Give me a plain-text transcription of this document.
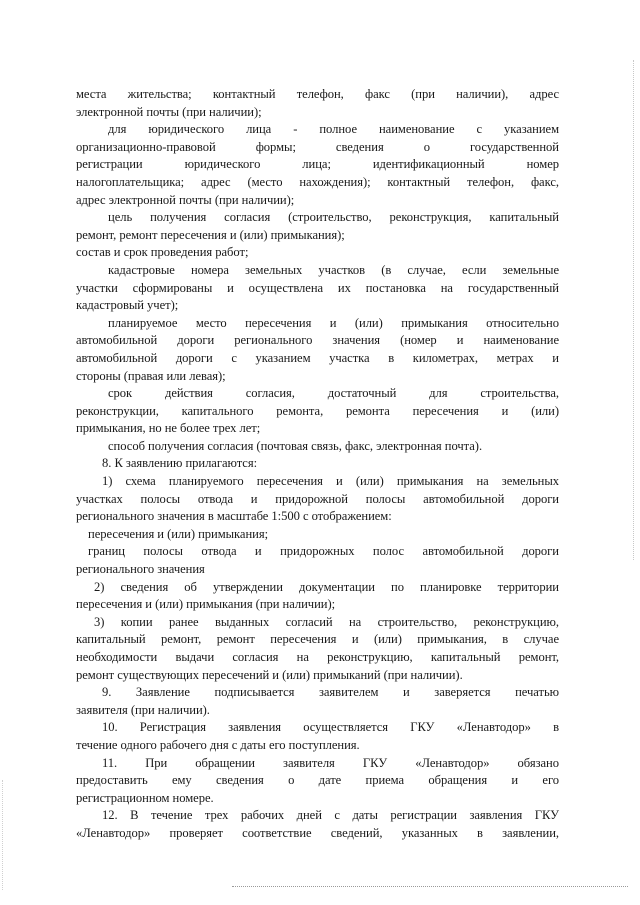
места жительства; контактный телефон, факс (при наличии), адрес
электронной почты (при наличии);
для юридического лица - полное наименование с указанием
организационно-правовой формы; сведения о государственной
регистрации юридического лица; идентификационный номер
налогоплательщика; адрес (место нахождения); контактный телефон, факс,
адрес электронной почты (при наличии);
цель получения согласия (строительство, реконструкция, капитальный
ремонт, ремонт пересечения и (или) примыкания);
состав и срок проведения работ;
кадастровые номера земельных участков (в случае, если земельные
участки сформированы и осуществлена их постановка на государственный
кадастровый учет);
планируемое место пересечения и (или) примыкания относительно
автомобильной дороги регионального значения (номер и наименование
автомобильной дороги с указанием участка в километрах, метрах и
стороны (правая или левая);
срок действия согласия, достаточный для строительства,
реконструкции, капитального ремонта, ремонта пересечения и (или)
примыкания, но не более трех лет;
способ получения согласия (почтовая связь, факс, электронная почта).
8. К заявлению прилагаются:
1) схема планируемого пересечения и (или) примыкания на земельных
участках полосы отвода и придорожной полосы автомобильной дороги
регионального значения в масштабе 1:500 с отображением:
пересечения и (или) примыкания;
границ полосы отвода и придорожных полос автомобильной дороги
регионального значения
2) сведения об утверждении документации по планировке территории
пересечения и (или) примыкания (при наличии);
3) копии ранее выданных согласий на строительство, реконструкцию,
капитальный ремонт, ремонт пересечения и (или) примыкания, в случае
необходимости выдачи согласия на реконструкцию, капитальный ремонт,
ремонт существующих пересечений и (или) примыканий (при наличии).
9. Заявление подписывается заявителем и заверяется печатью
заявителя (при наличии).
10. Регистрация заявления осуществляется ГКУ «Ленавтодор» в
течение одного рабочего дня с даты его поступления.
11. При обращении заявителя ГКУ «Ленавтодор» обязано
предоставить ему сведения о дате приема обращения и его
регистрационном номере.
12. В течение трех рабочих дней с даты регистрации заявления ГКУ
«Ленавтодор» проверяет соответствие сведений, указанных в заявлении,
